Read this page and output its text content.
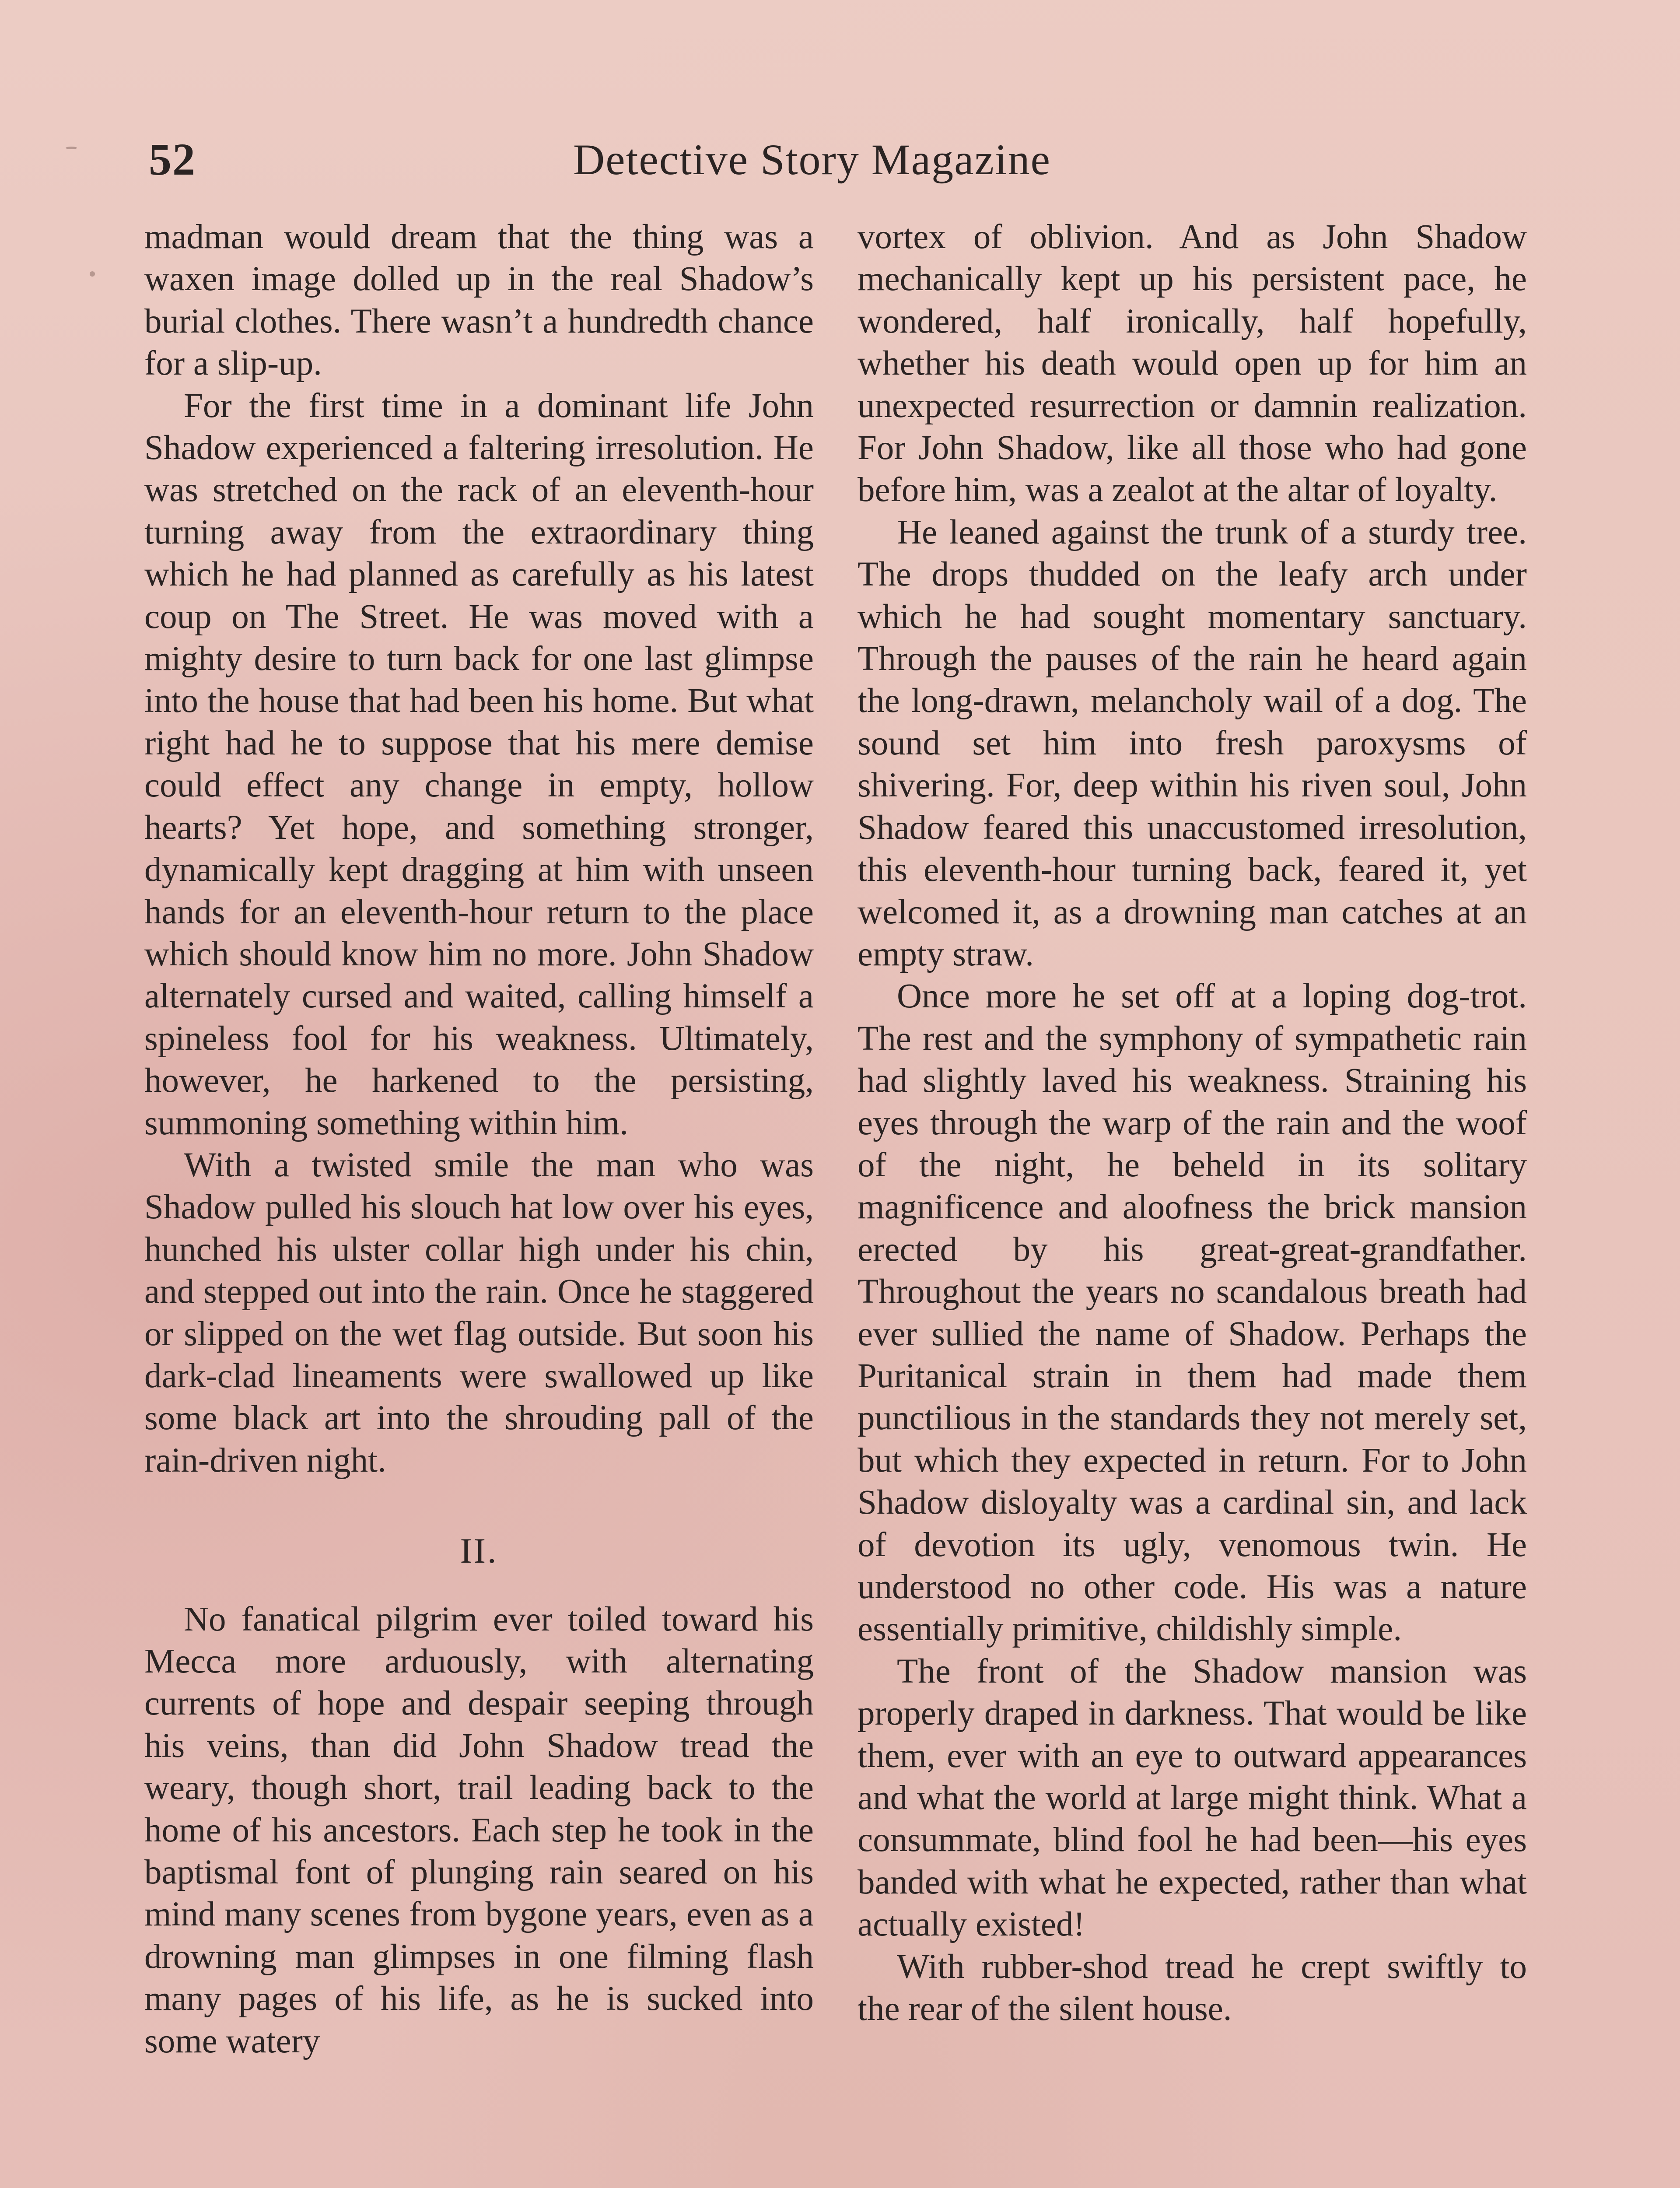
52	Detective Story Magazine

madman would dream that the thing was a waxen image dolled up in the real Shadow’s burial clothes. There wasn’t a hundredth chance for a slip-up.

For the first time in a dominant life John Shadow experienced a faltering irresolution. He was stretched on the rack of an eleventh-hour turning away from the extraordinary thing which he had planned as carefully as his latest coup on The Street. He was moved with a mighty desire to turn back for one last glimpse into the house that had been his home. But what right had he to suppose that his mere demise could effect any change in empty, hollow hearts? Yet hope, and something stronger, dynamically kept dragging at him with unseen hands for an eleventh-hour return to the place which should know him no more. John Shadow alternately cursed and waited, calling himself a spineless fool for his weakness. Ultimately, however, he harkened to the persisting, summoning something within him.

With a twisted smile the man who was Shadow pulled his slouch hat low over his eyes, hunched his ulster collar high under his chin, and stepped out into the rain. Once he staggered or slipped on the wet flag outside. But soon his dark-clad lineaments were swallowed up like some black art into the shrouding pall of the rain-driven night.

II.

No fanatical pilgrim ever toiled toward his Mecca more arduously, with alternating currents of hope and despair seeping through his veins, than did John Shadow tread the weary, though short, trail leading back to the home of his ancestors. Each step he took in the baptismal font of plunging rain seared on his mind many scenes from bygone years, even as a drowning man glimpses in one filming flash many pages of his life, as he is sucked into some watery

vortex of oblivion. And as John Shadow mechanically kept up his persistent pace, he wondered, half ironically, half hopefully, whether his death would open up for him an unexpected resurrection or damnin realization. For John Shadow, like all those who had gone before him, was a zealot at the altar of loyalty.

He leaned against the trunk of a sturdy tree. The drops thudded on the leafy arch under which he had sought momentary sanctuary. Through the pauses of the rain he heard again the long-drawn, melancholy wail of a dog. The sound set him into fresh paroxysms of shivering. For, deep within his riven soul, John Shadow feared this unaccustomed irresolution, this eleventh-hour turning back, feared it, yet welcomed it, as a drowning man catches at an empty straw.

Once more he set off at a loping dog-trot. The rest and the symphony of sympathetic rain had slightly laved his weakness. Straining his eyes through the warp of the rain and the woof of the night, he beheld in its solitary magnificence and aloofness the brick mansion erected by his great-great-grandfather. Throughout the years no scandalous breath had ever sullied the name of Shadow. Perhaps the Puritanical strain in them had made them punctilious in the standards they not merely set, but which they expected in return. For to John Shadow disloyalty was a cardinal sin, and lack of devotion its ugly, venomous twin. He understood no other code. His was a nature essentially primitive, childishly simple.

The front of the Shadow mansion was properly draped in darkness. That would be like them, ever with an eye to outward appearances and what the world at large might think. What a consummate, blind fool he had been—his eyes banded with what he expected, rather than what actually existed!

With rubber-shod tread he crept swiftly to the rear of the silent house.
